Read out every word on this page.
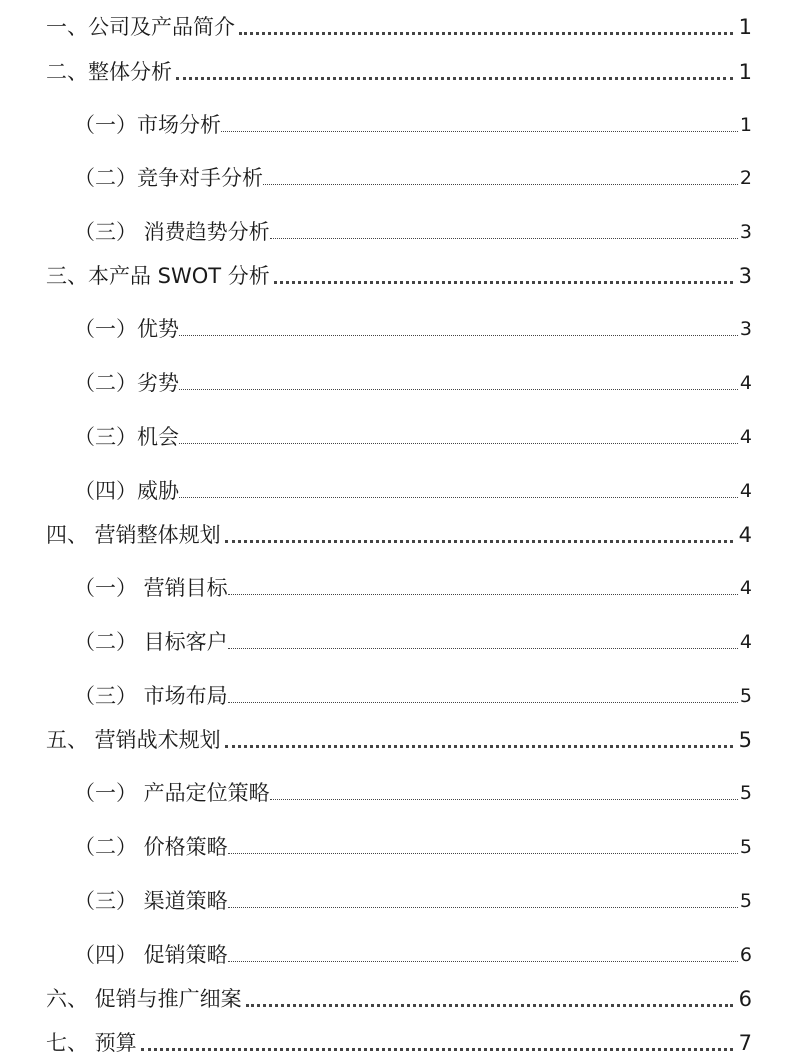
一、公司及产品简介	1
二、整体分析	1
（一）市场分析	1
（二）竞争对手分析	2
（三） 消费趋势分析	3
三、本产品 SWOT 分析	3
（一）优势	3
（二）劣势	4
（三）机会	4
（四）威胁	4
四、 营销整体规划	4
（一） 营销目标	4
（二） 目标客户	4
（三） 市场布局	5
五、 营销战术规划	5
（一） 产品定位策略	5
（二） 价格策略	5
（三） 渠道策略	5
（四） 促销策略	6
六、 促销与推广细案	6
七、 预算	7
